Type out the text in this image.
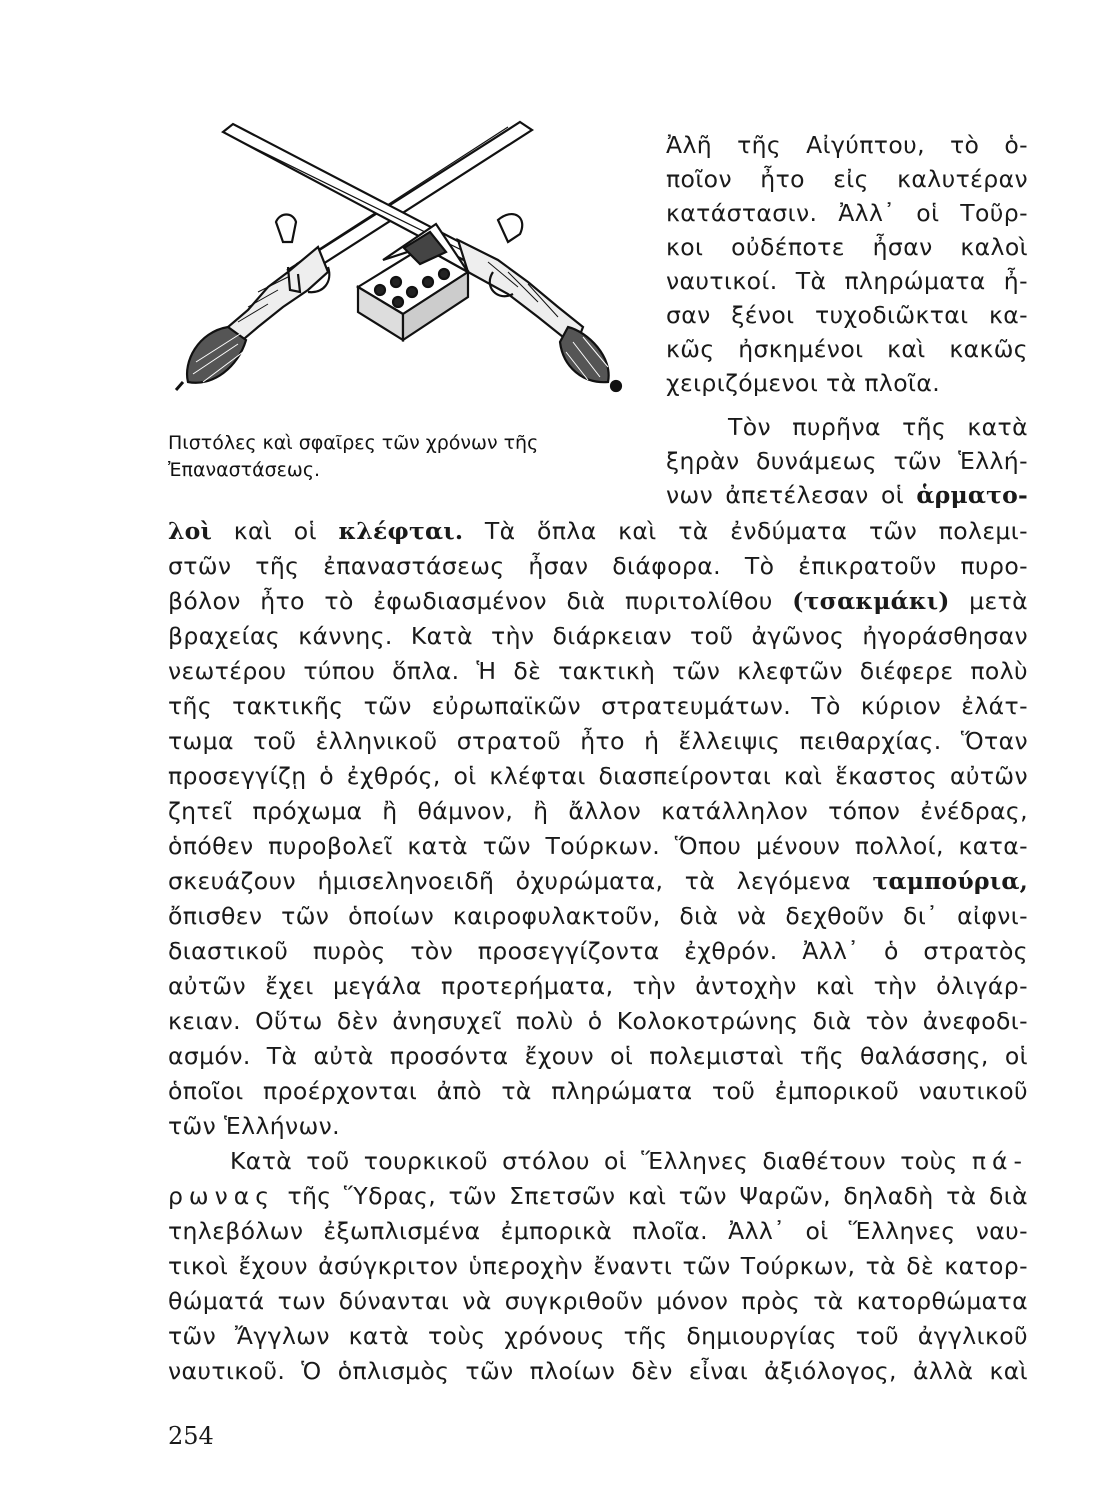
Πιστόλες καὶ σφαῖρες τῶν χρόνων τῆς
Ἐπαναστάσεως.
Ἀλῆ τῆς Αἰγύπτου, τὸ ὁ-
ποῖον ἦτο εἰς καλυτέραν
κατάστασιν. Ἀλλ᾿ οἱ Τοῦρ-
κοι οὐδέποτε ἦσαν καλοὶ
ναυτικοί. Τὰ πληρώματα ἦ-
σαν ξένοι τυχοδιῶκται κα-
κῶς ἠσκημένοι καὶ κακῶς
χειριζόμενοι τὰ πλοῖα.
Τὸν πυρῆνα τῆς κατὰ
ξηρὰν δυνάμεως τῶν Ἑλλή-
νων ἀπετέλεσαν οἱ ἁρματο-
λοὶ καὶ οἱ κλέφται. Τὰ ὅπλα καὶ τὰ ἐνδύματα τῶν πολεμι-
στῶν τῆς ἐπαναστάσεως ἦσαν διάφορα. Τὸ ἐπικρατοῦν πυρο-
βόλον ἦτο τὸ ἐφωδιασμένον διὰ πυριτολίθου (τσακμάκι) μετὰ
βραχείας κάννης. Κατὰ τὴν διάρκειαν τοῦ ἀγῶνος ἠγοράσθησαν
νεωτέρου τύπου ὅπλα. Ἡ δὲ τακτικὴ τῶν κλεφτῶν διέφερε πολὺ
τῆς τακτικῆς τῶν εὐρωπαϊκῶν στρατευμάτων. Τὸ κύριον ἐλάτ-
τωμα τοῦ ἑλληνικοῦ στρατοῦ ἦτο ἡ ἔλλειψις πειθαρχίας. Ὅταν
προσεγγίζῃ ὁ ἐχθρός, οἱ κλέφται διασπείρονται καὶ ἕκαστος αὐτῶν
ζητεῖ πρόχωμα ἢ θάμνον, ἢ ἄλλον κατάλληλον τόπον ἐνέδρας,
ὁπόθεν πυροβολεῖ κατὰ τῶν Τούρκων. Ὅπου μένουν πολλοί, κατα-
σκευάζουν ἡμισεληνοειδῆ ὀχυρώματα, τὰ λεγόμενα ταμπούρια,
ὄπισθεν τῶν ὁποίων καιροφυλακτοῦν, διὰ νὰ δεχθοῦν δι᾿ αἰφνι-
διαστικοῦ πυρὸς τὸν προσεγγίζοντα ἐχθρόν. Ἀλλ᾿ ὁ στρατὸς
αὐτῶν ἔχει μεγάλα προτερήματα, τὴν ἀντοχὴν καὶ τὴν ὀλιγάρ-
κειαν. Οὕτω δὲν ἀνησυχεῖ πολὺ ὁ Κολοκοτρώνης διὰ τὸν ἀνεφοδι-
ασμόν. Τὰ αὐτὰ προσόντα ἔχουν οἱ πολεμισταὶ τῆς θαλάσσης, οἱ
ὁποῖοι προέρχονται ἀπὸ τὰ πληρώματα τοῦ ἐμπορικοῦ ναυτικοῦ
τῶν Ἑλλήνων.
Κατὰ τοῦ τουρκικοῦ στόλου οἱ Ἕλληνες διαθέτουν τοὺς πά-
ρωνας τῆς Ὕδρας, τῶν Σπετσῶν καὶ τῶν Ψαρῶν, δηλαδὴ τὰ διὰ
τηλεβόλων ἐξωπλισμένα ἐμπορικὰ πλοῖα. Ἀλλ᾿ οἱ Ἕλληνες ναυ-
τικοὶ ἔχουν ἀσύγκριτον ὑπεροχὴν ἔναντι τῶν Τούρκων, τὰ δὲ κατορ-
θώματά των δύνανται νὰ συγκριθοῦν μόνον πρὸς τὰ κατορθώματα
τῶν Ἄγγλων κατὰ τοὺς χρόνους τῆς δημιουργίας τοῦ ἀγγλικοῦ
ναυτικοῦ. Ὁ ὁπλισμὸς τῶν πλοίων δὲν εἶναι ἀξιόλογος, ἀλλὰ καὶ
254
